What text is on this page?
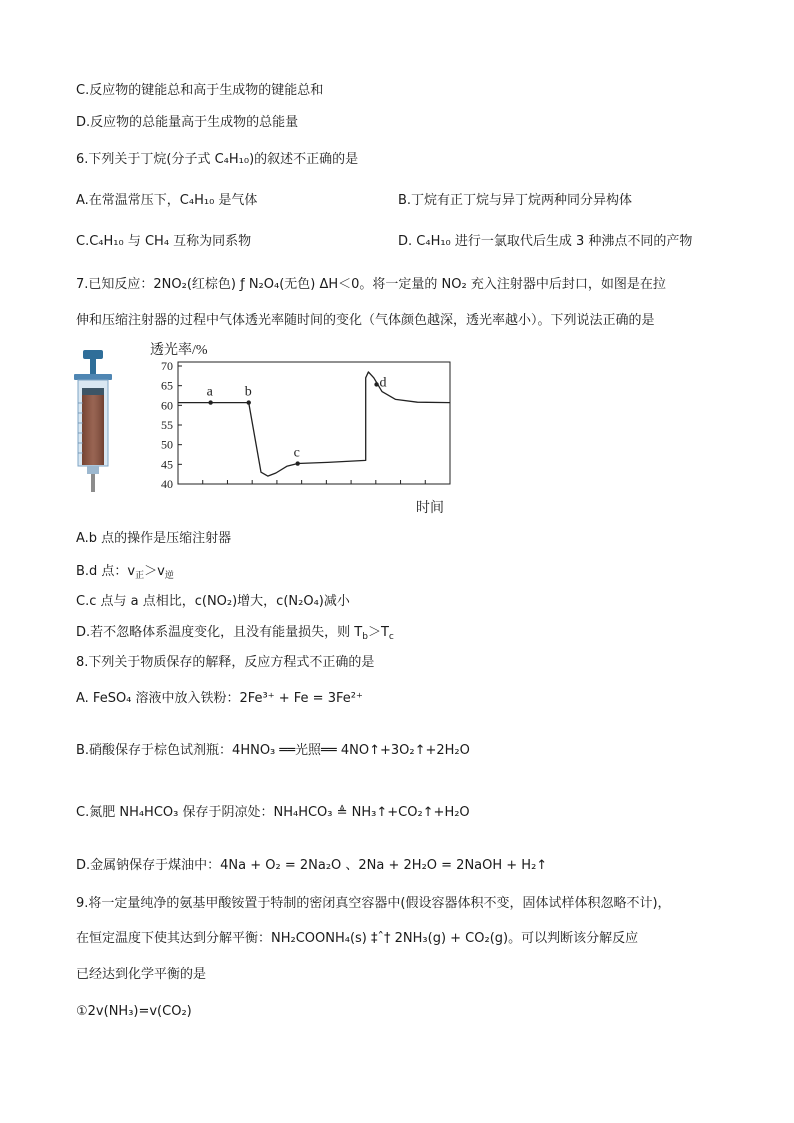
C.反应物的键能总和高于生成物的键能总和
D.反应物的总能量高于生成物的总能量
6.下列关于丁烷(分子式 C₄H₁₀)的叙述不正确的是
A.在常温常压下，C₄H₁₀ 是气体	B.丁烷有正丁烷与异丁烷两种同分异构体
C.C₄H₁₀ 与 CH₄ 互称为同系物	D. C₄H₁₀ 进行一氯取代后生成 3 种沸点不同的产物
7.已知反应：2NO₂(红棕色) ƒ N₂O₄(无色) ΔH＜0。将一定量的 NO₂ 充入注射器中后封口，如图是在拉
伸和压缩注射器的过程中气体透光率随时间的变化（气体颜色越深，透光率越小）。下列说法正确的是
透光率/%
时间
40
45
50
55
60
65
70
a b
c
d
A.b 点的操作是压缩注射器
B.d 点：$v_正>v_逆$
C.c 点与 a 点相比，c(NO₂)增大，c(N₂O₄)减小
D.若不忽略体系温度变化，且没有能量损失，则 $T_b>T_c$
8.下列关于物质保存的解释，反应方程式不正确的是
A. FeSO₄ 溶液中放入铁粉：2Fe³⁺ + Fe = 3Fe²⁺
B.硝酸保存于棕色试剂瓶：4HNO₃ ══光照══ 4NO↑+3O₂↑+2H₂O
C.氮肥 NH₄HCO₃ 保存于阴凉处：NH₄HCO₃ ≜ NH₃↑+CO₂↑+H₂O
D.金属钠保存于煤油中：4Na + O₂ = 2Na₂O 、2Na + 2H₂O = 2NaOH + H₂↑
9.将一定量纯净的氨基甲酸铵置于特制的密闭真空容器中(假设容器体积不变，固体试样体积忽略不计)，
在恒定温度下使其达到分解平衡：NH₂COONH₄(s) ‡ˆ† 2NH₃(g) + CO₂(g)。可以判断该分解反应
已经达到化学平衡的是
①2v(NH₃)=v(CO₂)
